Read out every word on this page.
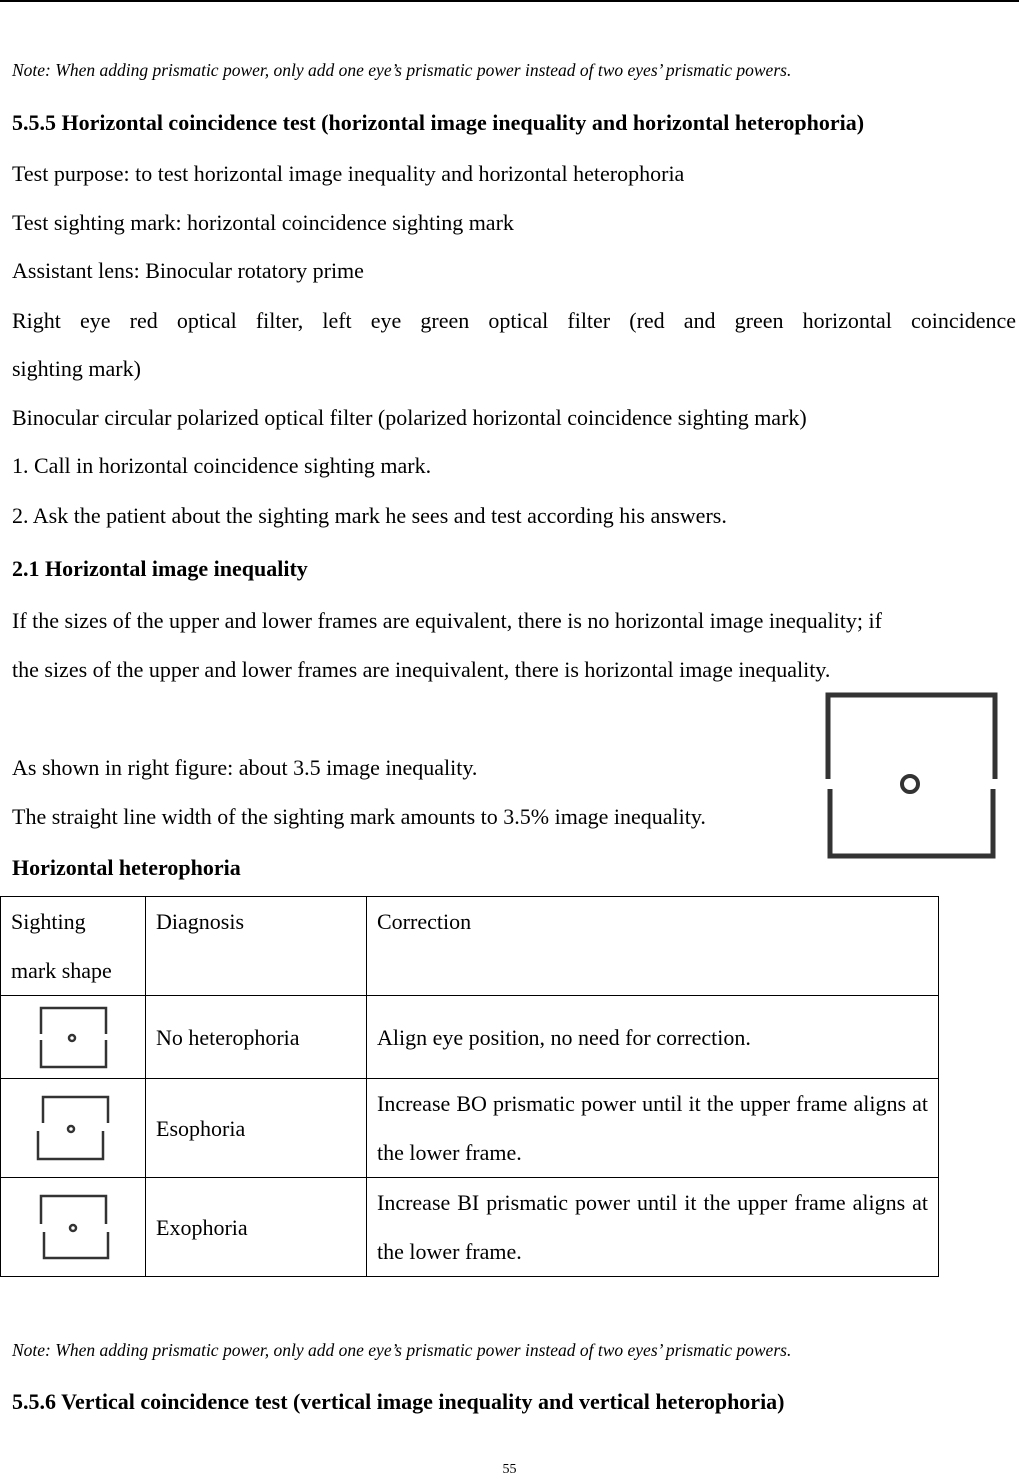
Note: When adding prismatic power, only add one eye’s prismatic power instead of two eyes’ prismatic powers.
5.5.5 Horizontal coincidence test (horizontal image inequality and horizontal heterophoria)
Test purpose: to test horizontal image inequality and horizontal heterophoria
Test sighting mark: horizontal coincidence sighting mark
Assistant lens: Binocular rotatory prime
Right eye red optical filter, left eye green optical filter (red and green horizontal coincidence
sighting mark)
Binocular circular polarized optical filter (polarized horizontal coincidence sighting mark)
1. Call in horizontal coincidence sighting mark.
2. Ask the patient about the sighting mark he sees and test according his answers.
2.1 Horizontal image inequality
If the sizes of the upper and lower frames are equivalent, there is no horizontal image inequality; if
the sizes of the upper and lower frames are inequivalent, there is horizontal image inequality.
As shown in right figure: about 3.5 image inequality.
The straight line width of the sighting mark amounts to 3.5% image inequality.
Horizontal heterophoria
Sighting mark shape	Diagnosis	Correction

	No heterophoria	Align eye position, no need for correction.

	Esophoria	Increase BO prismatic power until it the upper frame aligns at the lower frame.

	Exophoria	Increase BI prismatic power until it the upper frame aligns at the lower frame.
Note: When adding prismatic power, only add one eye’s prismatic power instead of two eyes’ prismatic powers.
5.5.6 Vertical coincidence test (vertical image inequality and vertical heterophoria)
55
